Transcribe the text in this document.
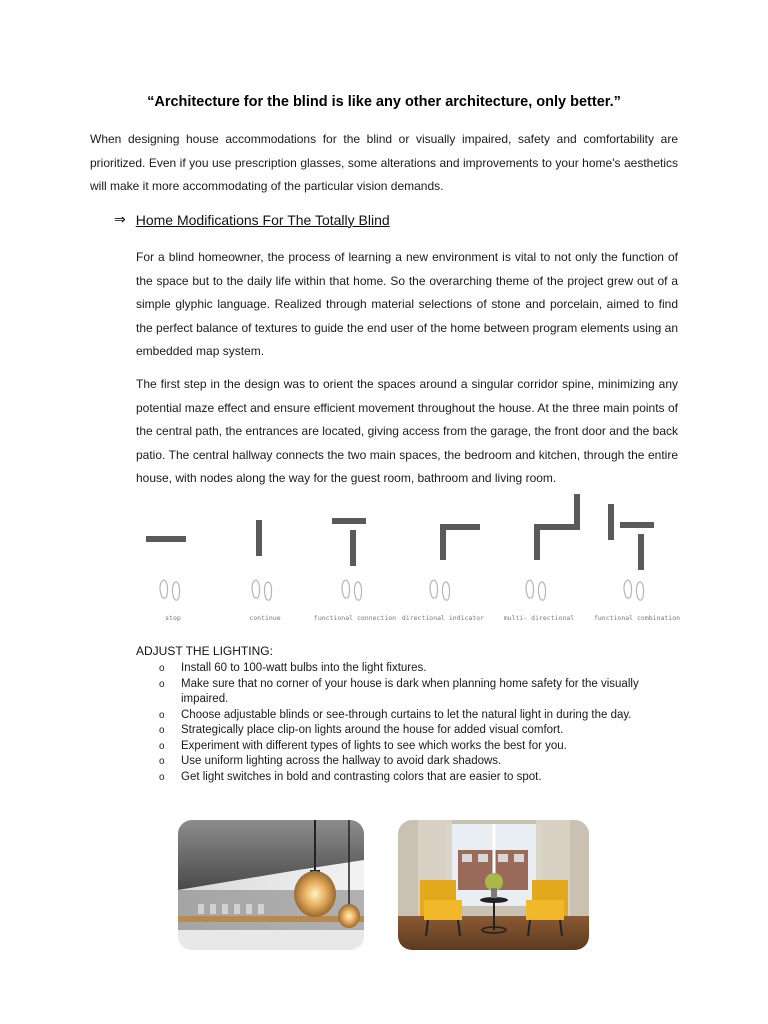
“Architecture for the blind is like any other architecture, only better.”

When designing house accommodations for the blind or visually impaired, safety and comfortability are prioritized. Even if you use prescription glasses, some alterations and improvements to your home's aesthetics will make it more accommodating of the particular vision demands.

⇒ Home Modifications For The Totally Blind

For a blind homeowner, the process of learning a new environment is vital to not only the function of the space but to the daily life within that home. So the overarching theme of the project grew out of a simple glyphic language. Realized through material selections of stone and porcelain, aimed to find the perfect balance of textures to guide the end user of the home between program elements using an embedded map system.

The first step in the design was to orient the spaces around a singular corridor spine, minimizing any potential maze effect and ensure efficient movement throughout the house. At the three main points of the central path, the entrances are located, giving access from the garage, the front door and the back patio. The central hallway connects the two main spaces, the bedroom and kitchen, through the entire house, with nodes along the way for the guest room, bathroom and living room.

stop	continue	functional connection directional indicator	multi- directional	functional combination
ADJUST THE LIGHTING:
o Install 60 to 100-watt bulbs into the light fixtures.
o Make sure that no corner of your house is dark when planning home safety for the visually impaired.
o Choose adjustable blinds or see-through curtains to let the natural light in during the day.
o Strategically place clip-on lights around the house for added visual comfort.
o Experiment with different types of lights to see which works the best for you.
o Use uniform lighting across the hallway to avoid dark shadows.
o Get light switches in bold and contrasting colors that are easier to spot.
